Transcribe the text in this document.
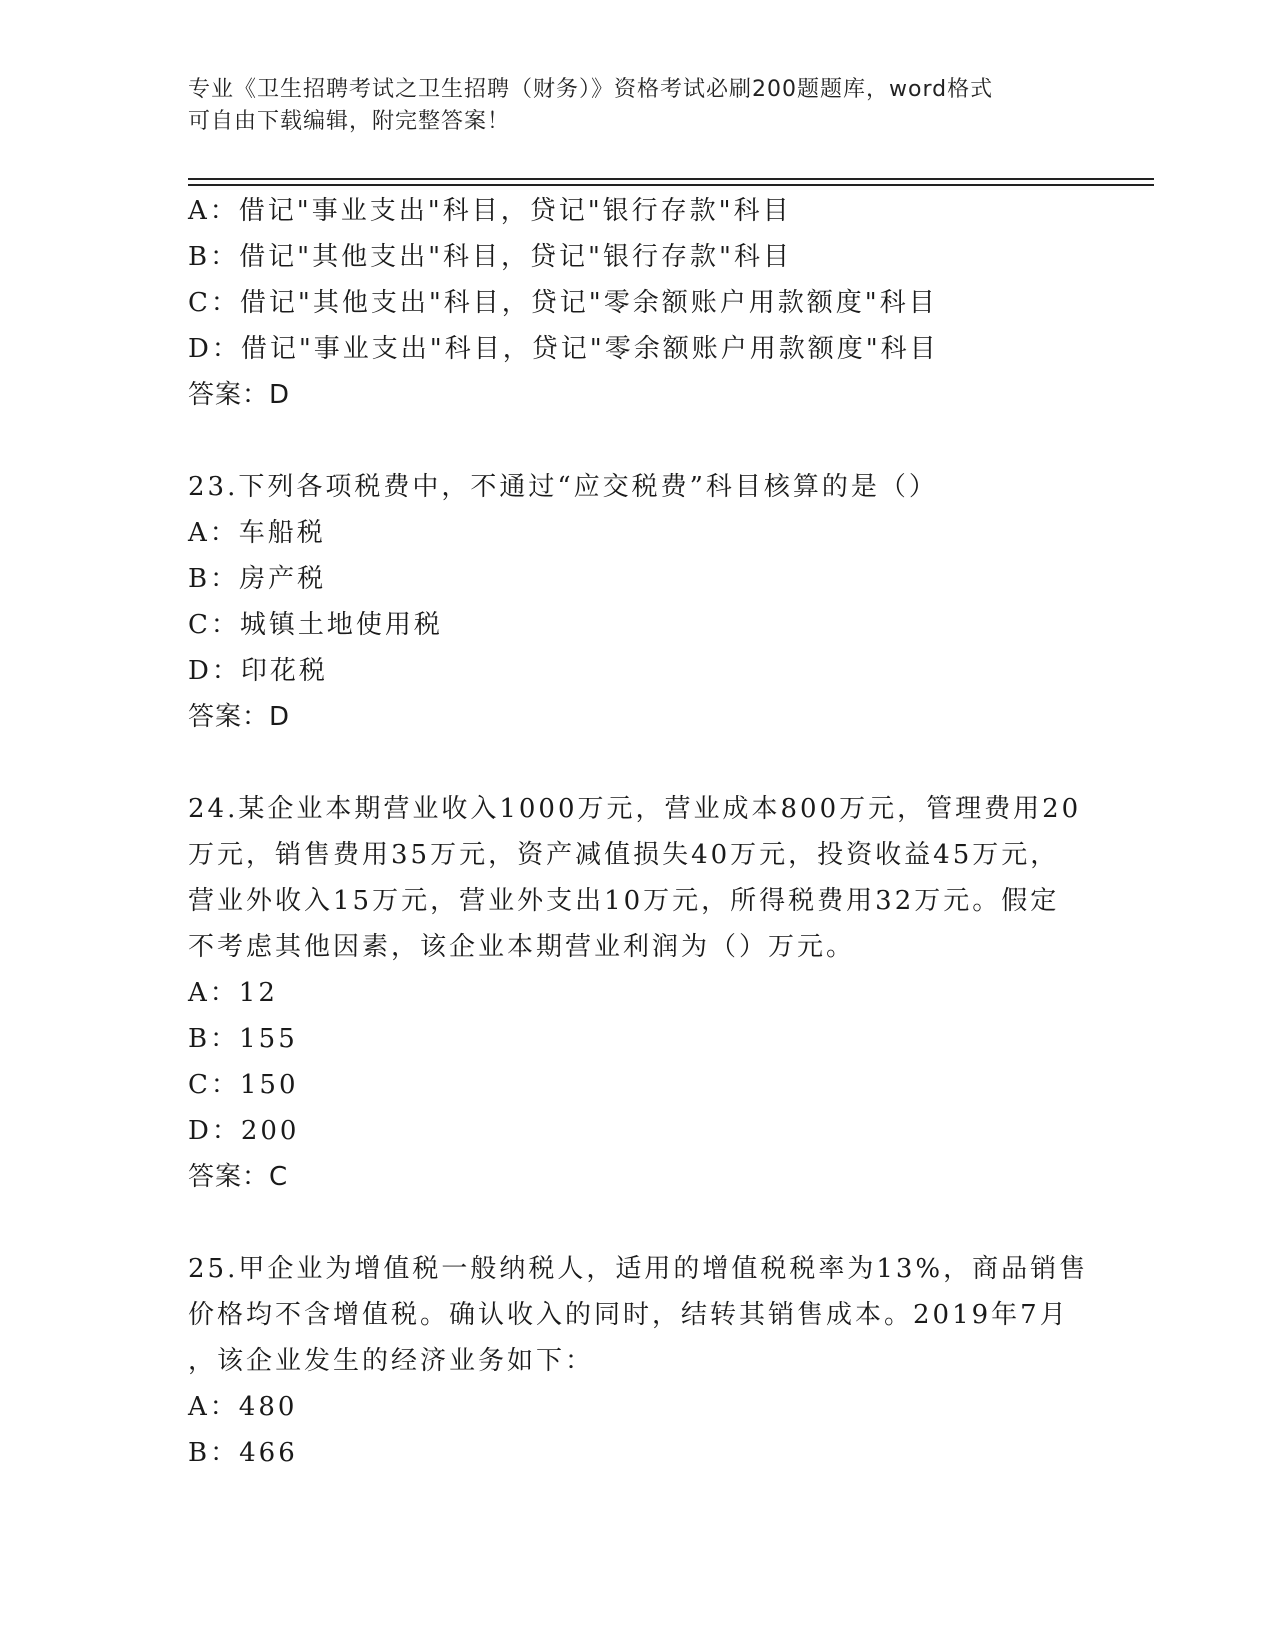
专业《卫生招聘考试之卫生招聘（财务）》资格考试必刷200题题库，word格式
可自由下载编辑，附完整答案！
A：借记"事业支出"科目，贷记"银行存款"科目
B：借记"其他支出"科目，贷记"银行存款"科目
C：借记"其他支出"科目，贷记"零余额账户用款额度"科目
D：借记"事业支出"科目，贷记"零余额账户用款额度"科目
答案：D
23.下列各项税费中，不通过“应交税费”科目核算的是（）
A：车船税
B：房产税
C：城镇土地使用税
D：印花税
答案：D
24.某企业本期营业收入1000万元，营业成本800万元，管理费用20
万元，销售费用35万元，资产减值损失40万元，投资收益45万元，
营业外收入15万元，营业外支出10万元，所得税费用32万元。假定
不考虑其他因素，该企业本期营业利润为（）万元。
A：12
B：155
C：150
D：200
答案：C
25.甲企业为增值税一般纳税人，适用的增值税税率为13%，商品销售
价格均不含增值税。确认收入的同时，结转其销售成本。2019年7月
，该企业发生的经济业务如下：
A：480
B：466
